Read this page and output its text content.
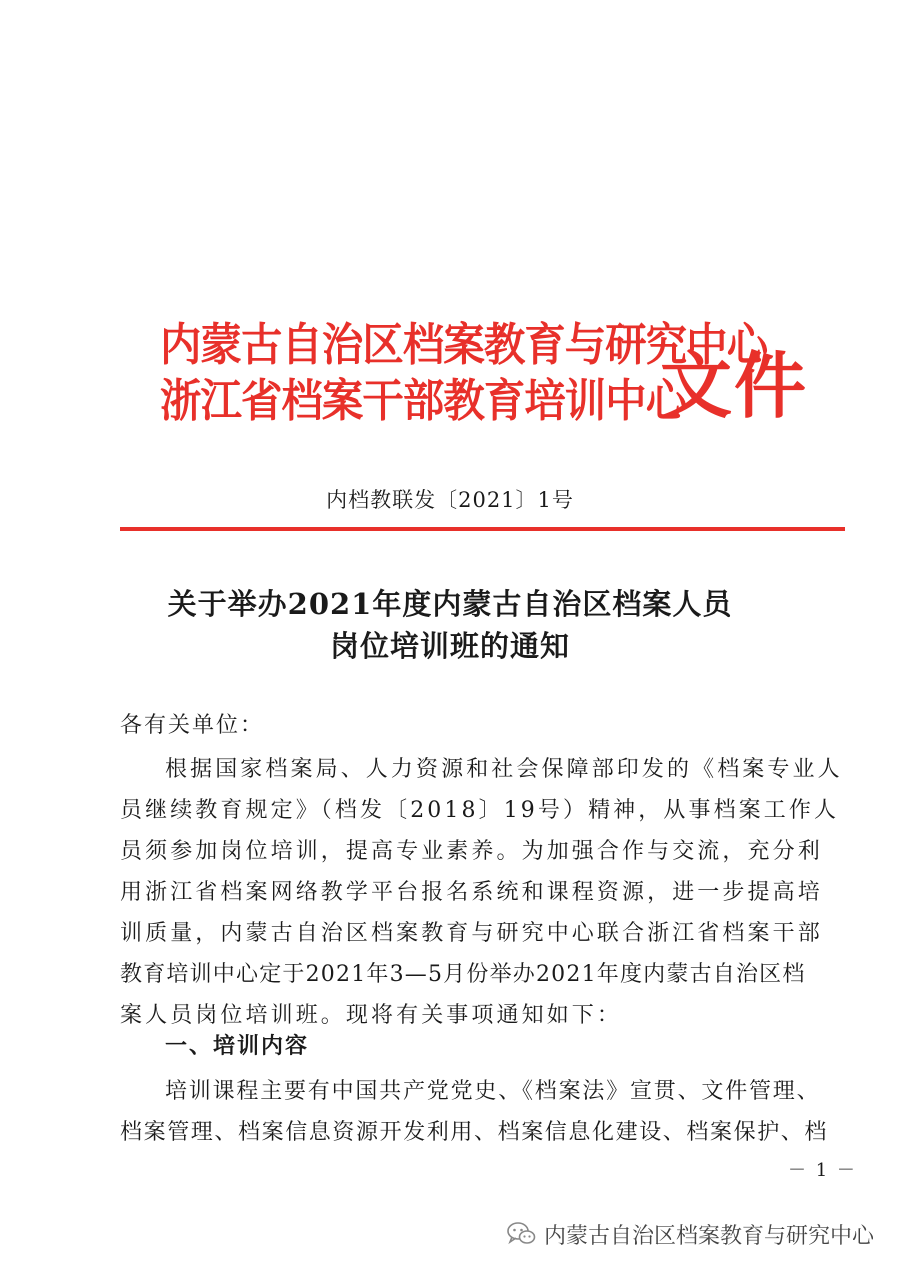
内蒙古自治区档案教育与研究中心
浙江省档案干部教育培训中心
文件
内档教联发〔2021〕1号
关于举办2021年度内蒙古自治区档案人员
岗位培训班的通知
各有关单位：
根据国家档案局、人力资源和社会保障部印发的《档案专业人
员继续教育规定》（档发〔2018〕19号）精神，从事档案工作人
员须参加岗位培训，提高专业素养。为加强合作与交流，充分利
用浙江省档案网络教学平台报名系统和课程资源，进一步提高培
训质量，内蒙古自治区档案教育与研究中心联合浙江省档案干部
教育培训中心定于2021年3—5月份举办2021年度内蒙古自治区档
案人员岗位培训班。现将有关事项通知如下：
一、培训内容
培训课程主要有中国共产党党史、《档案法》宣贯、文件管理、
档案管理、档案信息资源开发利用、档案信息化建设、档案保护、档
－ 1 －
内蒙古自治区档案教育与研究中心
